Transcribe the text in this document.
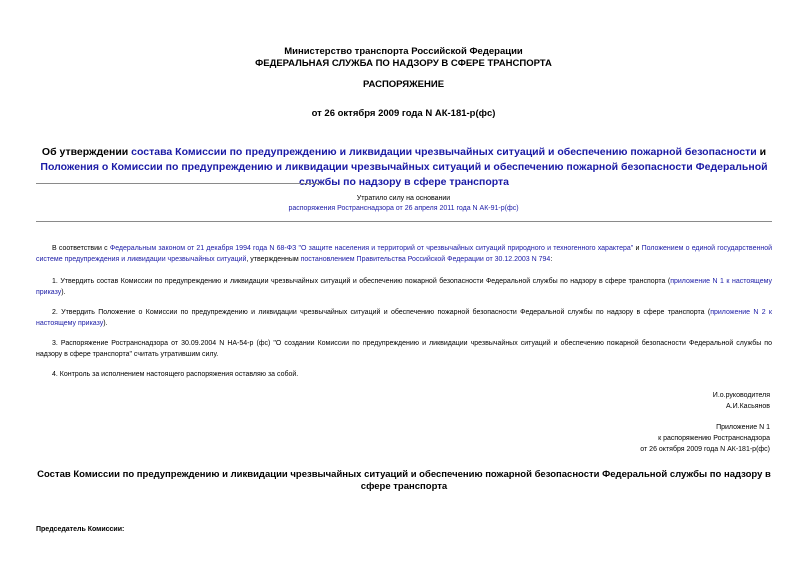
Министерство транспорта Российской Федерации
ФЕДЕРАЛЬНАЯ СЛУЖБА ПО НАДЗОРУ В СФЕРЕ ТРАНСПОРТА
РАСПОРЯЖЕНИЕ
от 26 октября 2009 года N АК-181-р(фс)
Об утверждении состава Комиссии по предупреждению и ликвидации чрезвычайных ситуаций и обеспечению пожарной безопасности и Положения о Комиссии по предупреждению и ликвидации чрезвычайных ситуаций и обеспечению пожарной безопасности Федеральной службы по надзору в сфере транспорта
Утратило силу на основании
распоряжения Ространснадзора от 26 апреля 2011 года N АК-91-р(фс)
В соответствии с Федеральным законом от 21 декабря 1994 года N 68-ФЗ "О защите населения и территорий от чрезвычайных ситуаций природного и техногенного характера" и Положением о единой государственной системе предупреждения и ликвидации чрезвычайных ситуаций, утвержденным постановлением Правительства Российской Федерации от 30.12.2003 N 794:
1. Утвердить состав Комиссии по предупреждению и ликвидации чрезвычайных ситуаций и обеспечению пожарной безопасности Федеральной службы по надзору в сфере транспорта (приложение N 1 к настоящему приказу).
2. Утвердить Положение о Комиссии по предупреждению и ликвидации чрезвычайных ситуаций и обеспечению пожарной безопасности Федеральной службы по надзору в сфере транспорта (приложение N 2 к настоящему приказу).
3. Распоряжение Ространснадзора от 30.09.2004 N НА-54-р (фс) "О создании Комиссии по предупреждению и ликвидации чрезвычайных ситуаций и обеспечению пожарной безопасности Федеральной службы по надзору в сфере транспорта" считать утратившим силу.
4. Контроль за исполнением настоящего распоряжения оставляю за собой.
И.о.руководителя
А.И.Касьянов
Приложение N 1
к распоряжению Ространснадзора
от 26 октября 2009 года N АК-181-р(фс)
Состав Комиссии по предупреждению и ликвидации чрезвычайных ситуаций и обеспечению пожарной безопасности Федеральной службы по надзору в сфере транспорта
Председатель Комиссии:
